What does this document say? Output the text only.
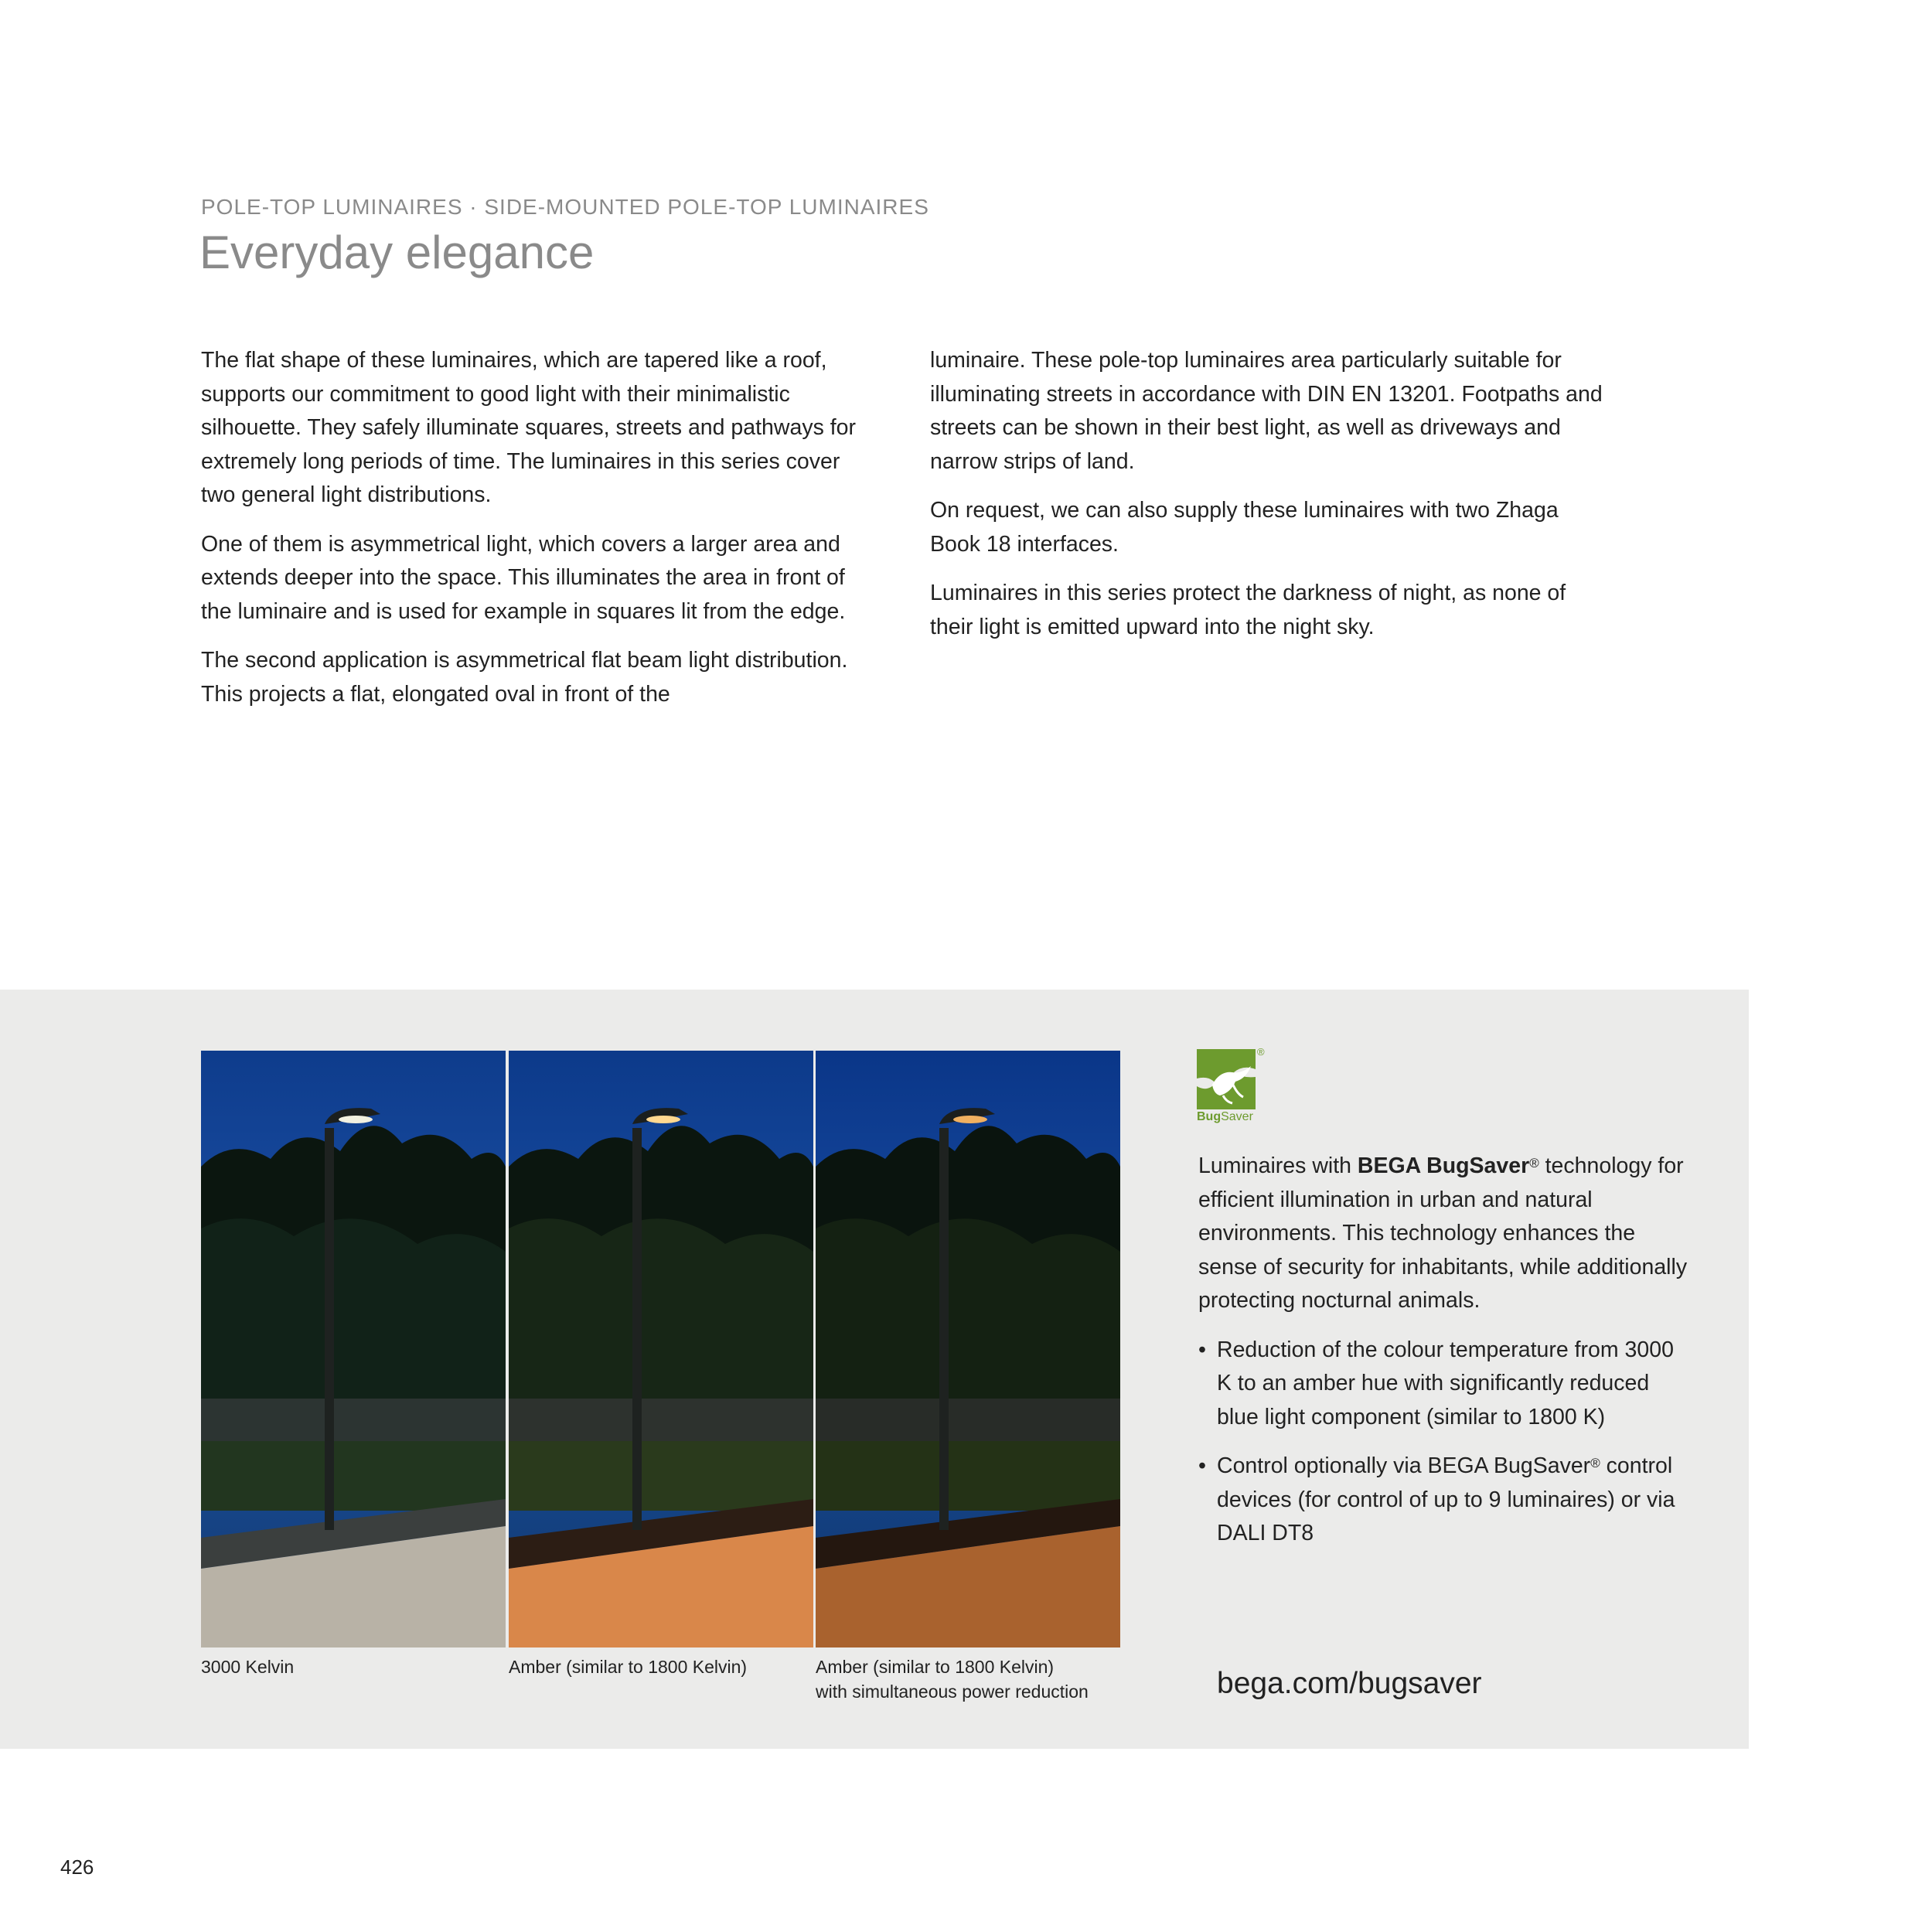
POLE-TOP LUMINAIRES · SIDE-MOUNTED POLE-TOP LUMINAIRES
Everyday elegance

The flat shape of these luminaires, which are tapered like a roof, supports our commitment to good light with their minimalistic silhouette. They safely illuminate squares, streets and pathways for extremely long periods of time. The luminaires in this series cover two general light distributions.

One of them is asymmetrical light, which covers a larger area and extends deeper into the space. This illuminates the area in front of the luminaire and is used for example in squares lit from the edge.

The second application is asymmetrical flat beam light distribution. This projects a flat, elongated oval in front of the

luminaire. These pole-top luminaires area particularly suitable for illuminating streets in accordance with DIN EN 13201. Footpaths and streets can be shown in their best light, as well as driveways and narrow strips of land.

On request, we can also supply these luminaires with two Zhaga Book 18 interfaces.

Luminaires in this series protect the darkness of night, as none of their light is emitted upward into the night sky.

3000 Kelvin	Amber (similar to 1800 Kelvin)	Amber (similar to 1800 Kelvin)
with simultaneous power reduction
®
BugSaver

Luminaires with BEGA BugSaver® technology for efficient illumination in urban and natural environments. This technology enhances the sense of security for inhabitants, while additionally protecting nocturnal animals.

• Reduction of the colour temperature from 3000 K to an amber hue with significantly reduced blue light component (similar to 1800 K)
• Control optionally via BEGA BugSaver® control devices (for control of up to 9 luminaires) or via DALI DT8
bega.com/bugsaver
426
